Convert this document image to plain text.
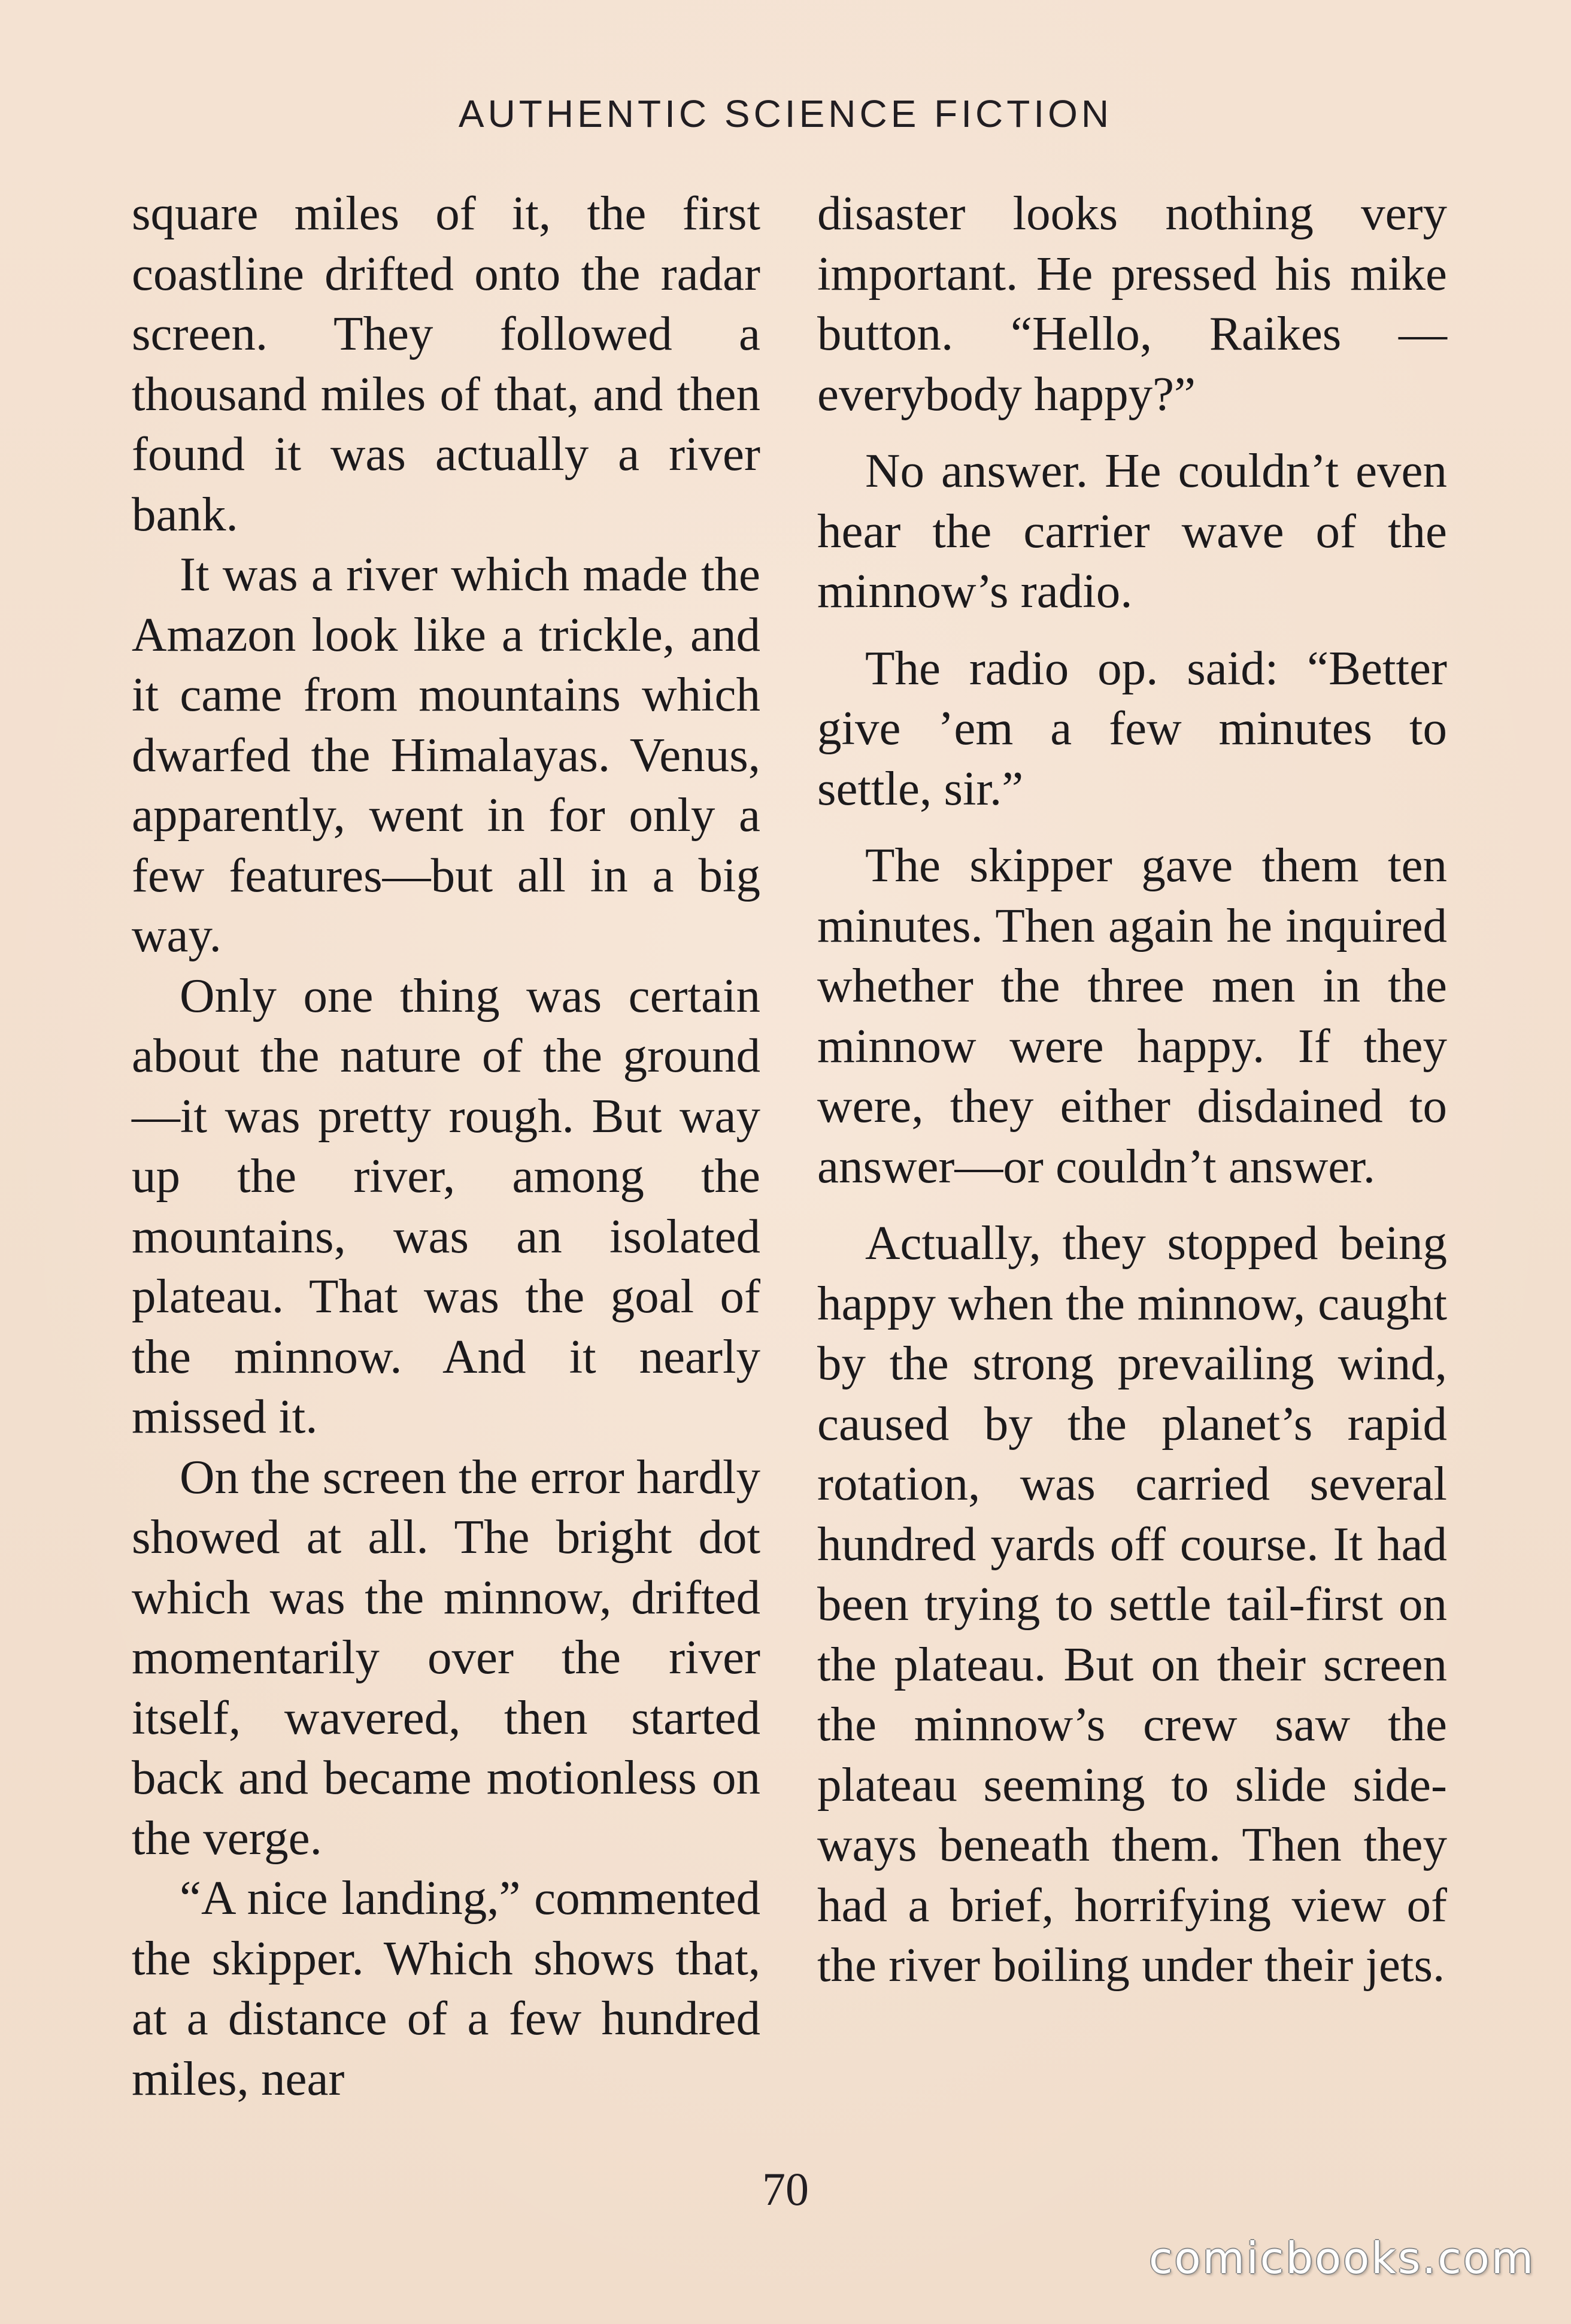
AUTHENTIC SCIENCE FICTION

square miles of it, the first coastline drifted onto the radar screen. They followed a thousand miles of that, and then found it was actually a river bank.

It was a river which made the Amazon look like a trickle, and it came from mountains which dwarfed the Himalayas. Venus, apparently, went in for only a few features—but all in a big way.

Only one thing was certain about the nature of the ground—it was pretty rough. But way up the river, among the mountains, was an isolated plateau. That was the goal of the minnow. And it nearly missed it.

On the screen the error hardly showed at all. The bright dot which was the minnow, drifted momentarily over the river itself, wavered, then started back and became motionless on the verge.

“A nice landing,” commented the skipper. Which shows that, at a distance of a few hundred miles, near

disaster looks nothing very important. He pressed his mike button. “Hello, Raikes —everybody happy?”

No answer. He couldn’t even hear the carrier wave of the minnow’s radio.

The radio op. said: “Better give ’em a few minutes to settle, sir.”

The skipper gave them ten minutes. Then again he inquired whether the three men in the minnow were happy. If they were, they either disdained to answer—or couldn’t answer.

Actually, they stopped being happy when the minnow, caught by the strong prevailing wind, caused by the planet’s rapid rotation, was carried several hundred yards off course. It had been trying to settle tail-first on the plateau. But on their screen the minnow’s crew saw the plateau seeming to slide sideways beneath them. Then they had a brief, horrifying view of the river boiling under their jets.

70
comicbooks.com
